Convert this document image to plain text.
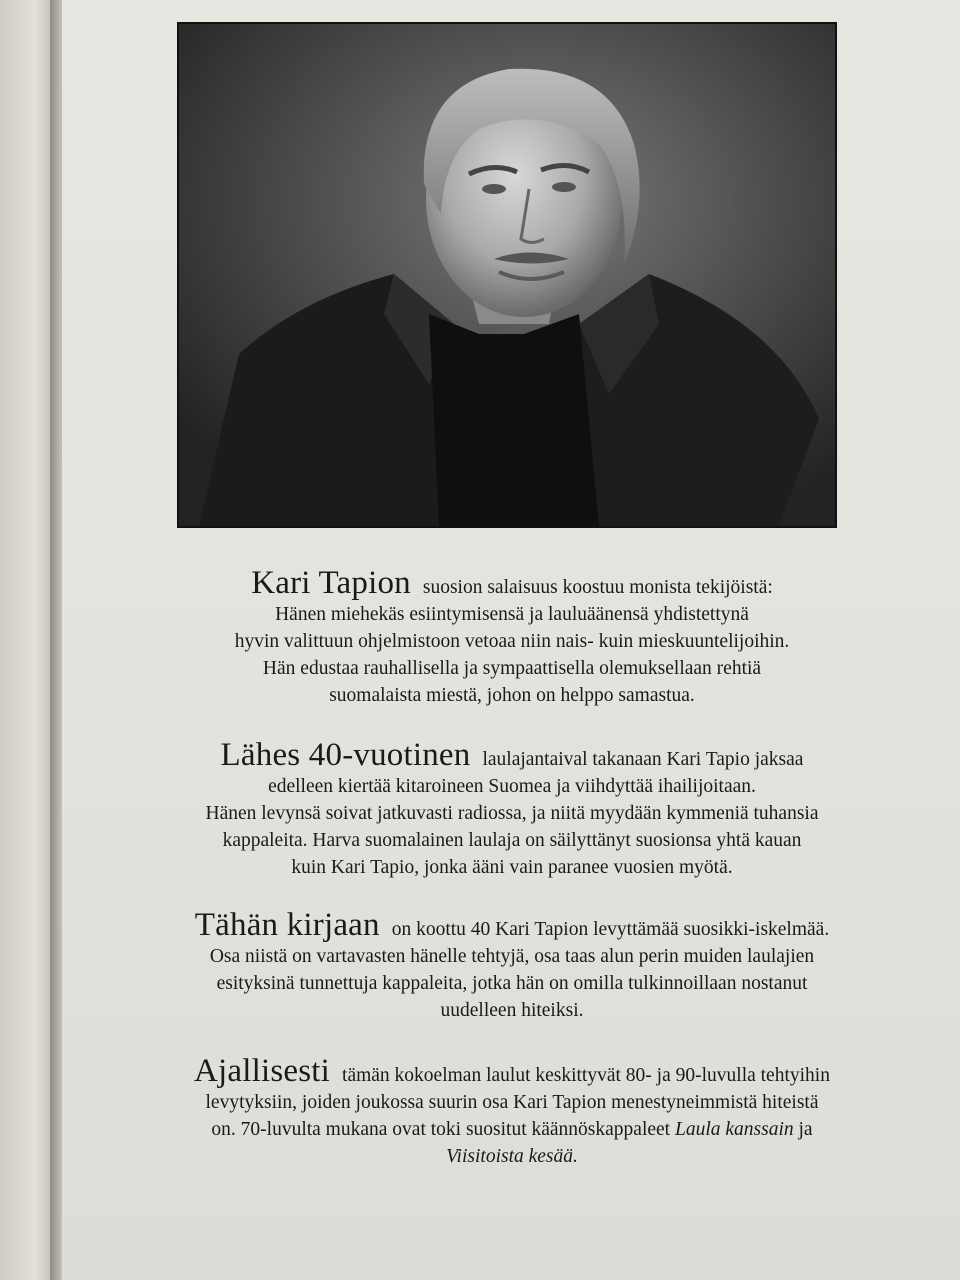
Kari Tapion suosion salaisuus koostuu monista tekijöistä:
Hänen miehekäs esiintymisensä ja lauluäänensä yhdistettynä
hyvin valittuun ohjelmistoon vetoaa niin nais- kuin mieskuuntelijoihin.
Hän edustaa rauhallisella ja sympaattisella olemuksellaan rehtiä
suomalaista miestä, johon on helppo samastua.
Lähes 40-vuotinen laulajantaival takanaan Kari Tapio jaksaa
edelleen kiertää kitaroineen Suomea ja viihdyttää ihailijoitaan.
Hänen levynsä soivat jatkuvasti radiossa, ja niitä myydään kymmeniä tuhansia
kappaleita. Harva suomalainen laulaja on säilyttänyt suosionsa yhtä kauan
kuin Kari Tapio, jonka ääni vain paranee vuosien myötä.
Tähän kirjaan on koottu 40 Kari Tapion levyttämää suosikki-iskelmää.
Osa niistä on vartavasten hänelle tehtyjä, osa taas alun perin muiden laulajien
esityksinä tunnettuja kappaleita, jotka hän on omilla tulkinnoillaan nostanut
uudelleen hiteiksi.
Ajallisesti tämän kokoelman laulut keskittyvät 80- ja 90-luvulla tehtyihin
levytyksiin, joiden joukossa suurin osa Kari Tapion menestyneimmistä hiteistä
on. 70-luvulta mukana ovat toki suositut käännöskappaleet Laula kanssain ja
Viisitoista kesää.
